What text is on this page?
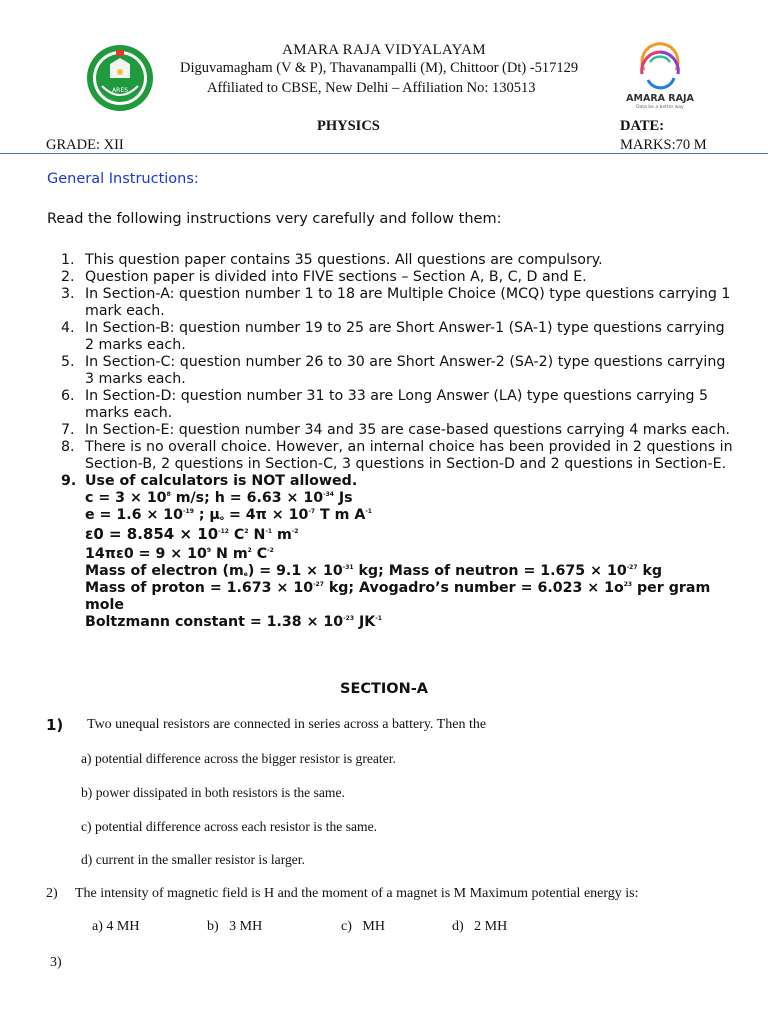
ARES
AMARA RAJA
Data be a better way
AMARA RAJA VIDYALAYAM
Diguvamagham (V & P), Thavanampalli (M), Chittoor (Dt) -517129
Affiliated to CBSE, New Delhi – Affiliation No: 130513
PHYSICS	DATE:
GRADE: XII	MARKS:70 M
General Instructions:
Read the following instructions very carefully and follow them:
1. This question paper contains 35 questions. All questions are compulsory.
2. Question paper is divided into FIVE sections – Section A, B, C, D and E.
3. In Section-A: question number 1 to 18 are Multiple Choice (MCQ) type questions carrying 1 mark each.
4. In Section-B: question number 19 to 25 are Short Answer-1 (SA-1) type questions carrying 2 marks each.
5. In Section-C: question number 26 to 30 are Short Answer-2 (SA-2) type questions carrying 3 marks each.
6. In Section-D: question number 31 to 33 are Long Answer (LA) type questions carrying 5 marks each.
7. In Section-E: question number 34 and 35 are case-based questions carrying 4 marks each.
8. There is no overall choice. However, an internal choice has been provided in 2 questions in Section-B, 2 questions in Section-C, 3 questions in Section-D and 2 questions in Section-E.
9. Use of calculators is NOT allowed.
$c = 3 \times 10^8$ m/s; $h = 6.63 \times 10^{-34}$ Js
$e = 1.6 \times 10^{-19}$ ; $\mu_o = 4\pi \times 10^{-7}$ T m $A^{-1}$
$\varepsilon 0 = 8.854 \times 10^{-12}$ $C^2$ $N^{-1}$ $m^{-2}$
$14\pi\varepsilon 0 = 9 \times 10^9$ N $m^2$ $C^{-2}$
Mass of electron $(m_e) = 9.1 \times 10^{-31}$ kg; Mass of neutron = $1.675 \times 10^{-27}$ kg
Mass of proton = $1.673 \times 10^{-27}$ kg; Avogadro’s number = $6.023 \times 1o^{23}$ per gram mole
Boltzmann constant = $1.38 \times 10^{-23}$ $JK^{-1}$
SECTION-A
1) Two unequal resistors are connected in series across a battery. Then the
a) potential difference across the bigger resistor is greater.
b) power dissipated in both resistors is the same.
c) potential difference across each resistor is the same.
d) current in the smaller resistor is larger.
2) The intensity of magnetic field is H and the moment of a magnet is M Maximum potential energy is:
a) 4 MH	b)   3 MH	c)   MH	d)   2 MH
3)
